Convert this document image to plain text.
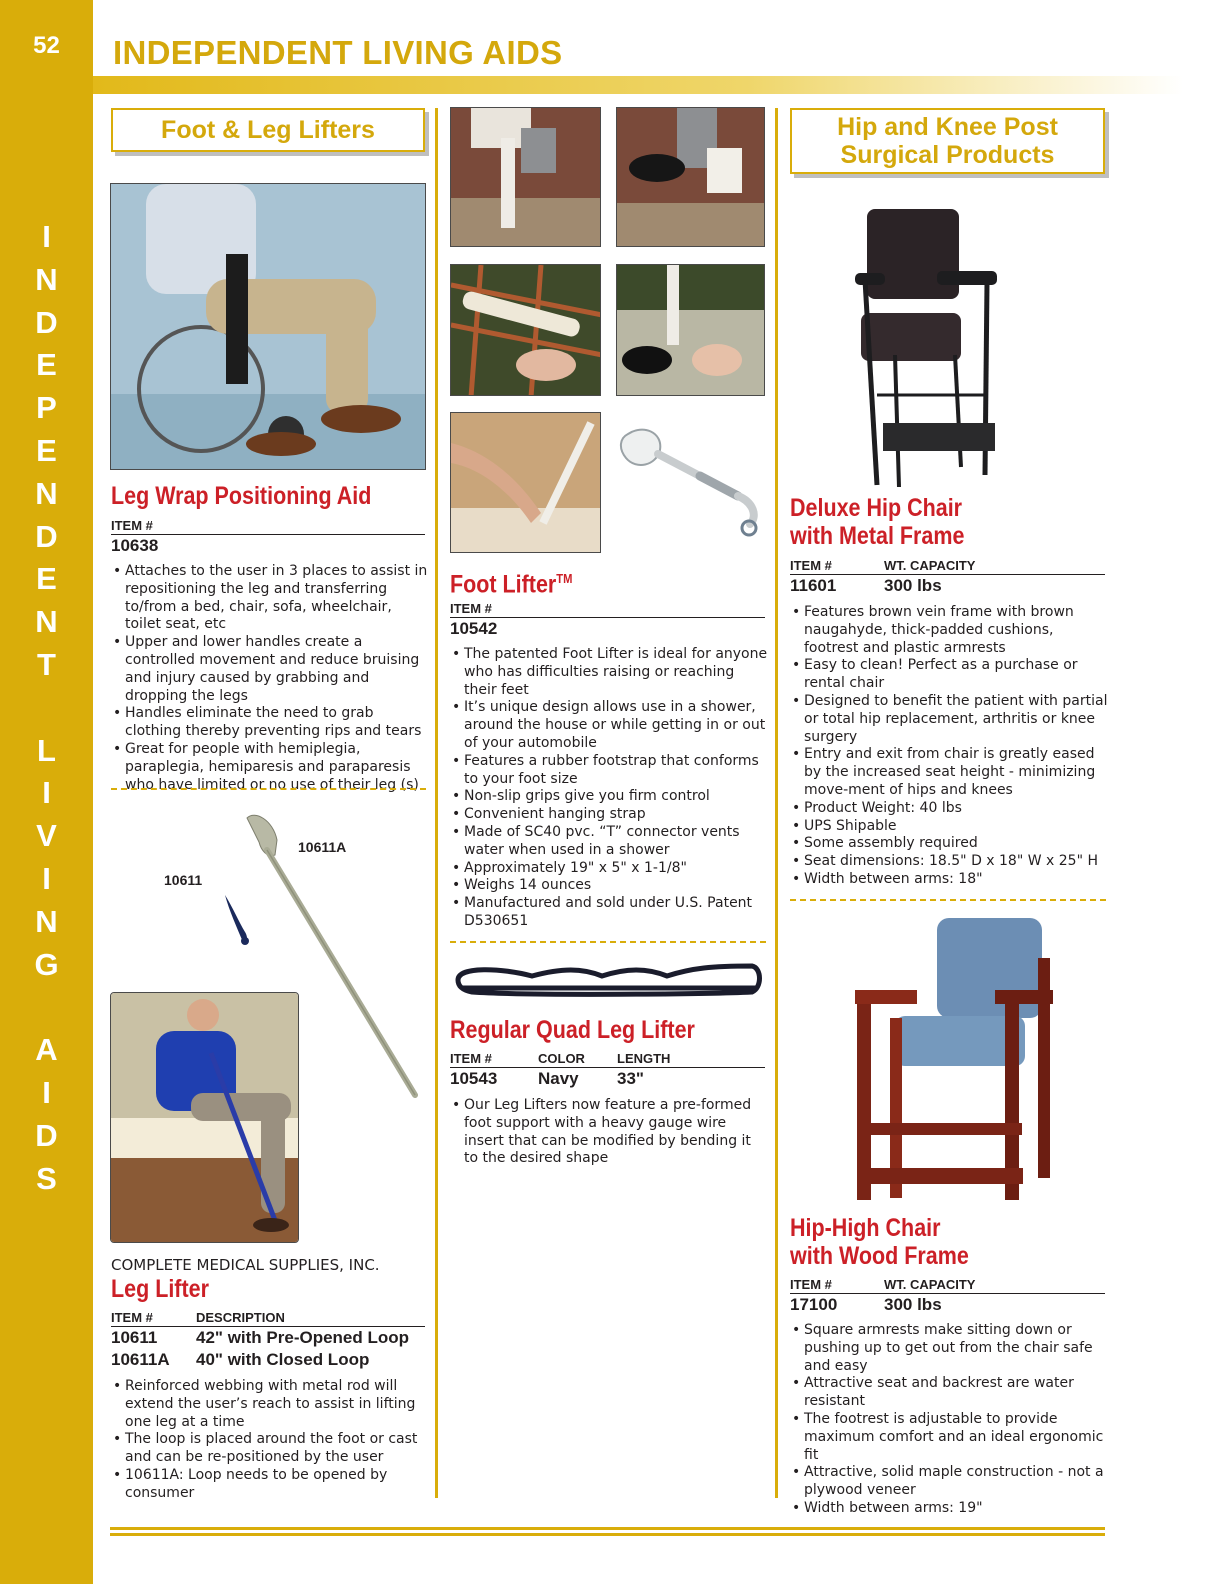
52
I
N
D
E
P
E
N
D
E
N
T

L
I
V
I
N
G

A
I
D
S
INDEPENDENT LIVING AIDS
Foot & Leg Lifters
Leg Wrap Positioning Aid
ITEM #
10638
• Attaches to the user in 3 places to assist in repositioning the leg and transferring to/from a bed, chair, sofa, wheelchair, toilet seat, etc
• Upper and lower handles create a controlled movement and reduce bruising and injury caused by grabbing and dropping the legs
• Handles eliminate the need to grab clothing thereby preventing rips and tears
• Great for people with hemiplegia, paraplegia, hemiparesis and paraparesis who have limited or no use of their leg (s)
10611
10611A
COMPLETE MEDICAL SUPPLIES, INC.
Leg Lifter
ITEM #	DESCRIPTION
10611 42" with Pre-Opened Loop
10611A 40" with Closed Loop
• Reinforced webbing with metal rod will extend the user’s reach to assist in lifting one leg at a time
• The loop is placed around the foot or cast and can be re-positioned by the user
• 10611A: Loop needs to be opened by consumer
Foot Lifter™
ITEM #
10542
• The patented Foot Lifter is ideal for anyone who has difficulties raising or reaching their feet
• It’s unique design allows use in a shower, around the house or while getting in or out of your automobile
• Features a rubber footstrap that conforms to your foot size
• Non-slip grips give you firm control
• Convenient hanging strap
• Made of SC40 pvc. “T” connector vents water when used in a shower
• Approximately 19" x 5" x 1-1/8"
• Weighs 14 ounces
• Manufactured and sold under U.S. Patent D530651
Regular Quad Leg Lifter
ITEM #	COLOR LENGTH
10543 Navy 33"
• Our Leg Lifters now feature a pre-formed foot support with a heavy gauge wire insert that can be modified by bending it to the desired shape
Hip and Knee Post
Surgical Products
Deluxe Hip Chair
with Metal Frame
ITEM #	WT. CAPACITY
11601	300 lbs
• Features brown vein frame with brown naugahyde, thick-padded cushions, footrest and plastic armrests
• Easy to clean! Perfect as a purchase or rental chair
• Designed to benefit the patient with partial or total hip replacement, arthritis or knee surgery
• Entry and exit from chair is greatly eased by the increased seat height - minimizing move-ment of hips and knees
• Product Weight: 40 lbs
• UPS Shipable
• Some assembly required
• Seat dimensions: 18.5" D x 18" W x 25" H
• Width between arms: 18"
Hip-High Chair
with Wood Frame
ITEM #	WT. CAPACITY
17100	300 lbs
• Square armrests make sitting down or pushing up to get out from the chair safe and easy
• Attractive seat and backrest are water resistant
• The footrest is adjustable to provide maximum comfort and an ideal ergonomic fit
• Attractive, solid maple construction - not a plywood veneer
• Width between arms: 19"
